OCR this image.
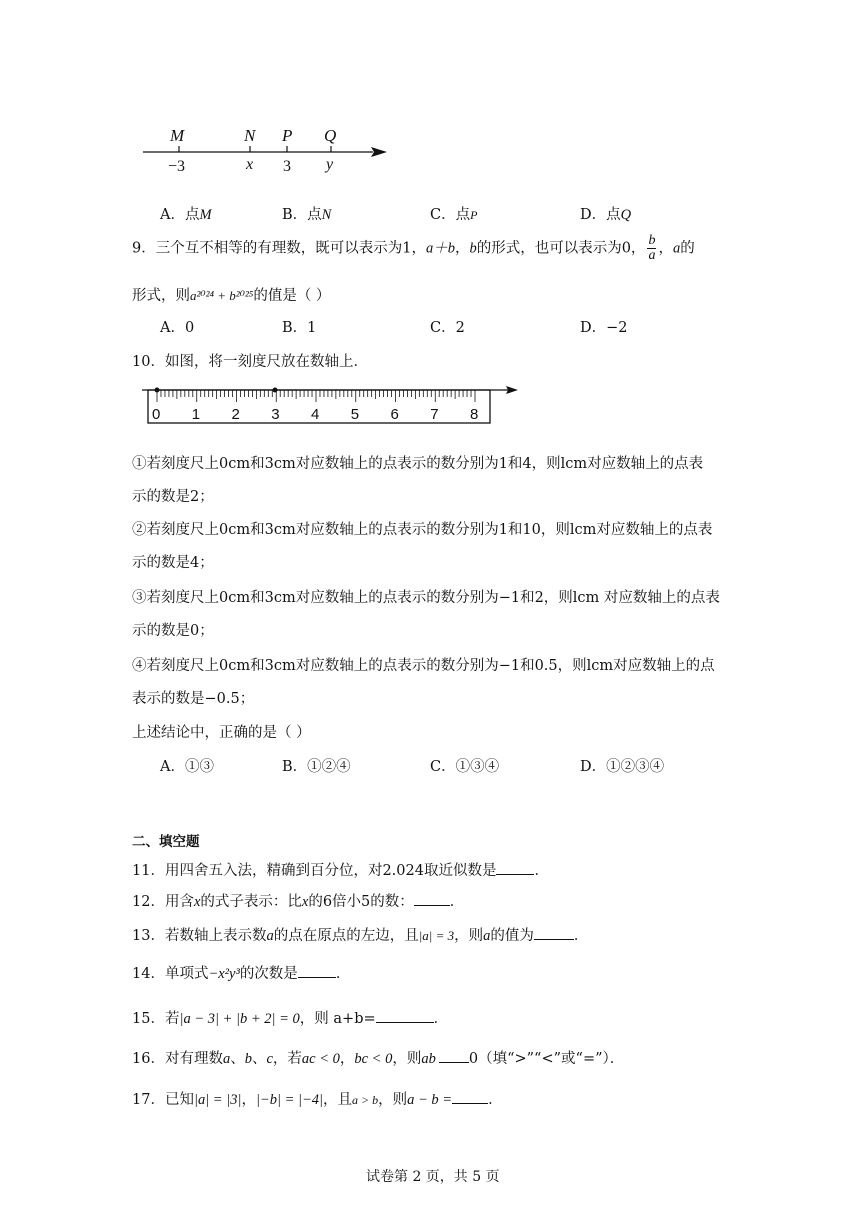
M	N P Q
−3	x 3 y
A．点M	B．点N	C．点P	D．点Q
9．三个互不相等的有理数，既可以表示为1，a＋b，b的形式，也可以表示为0， $\frac{b}{a}$ ，a的
形式，则a²⁰²⁴ + b²⁰²⁵的值是（ ）
A．0	B．1	C．2	D．−2
10．如图，将一刻度尺放在数轴上．
0 1 2 3 4 5 6 7 8
①若刻度尺上0cm和3cm对应数轴上的点表示的数分别为1和4，则lcm对应数轴上的点表
示的数是2；
②若刻度尺上0cm和3cm对应数轴上的点表示的数分别为1和10，则lcm对应数轴上的点表
示的数是4；
③若刻度尺上0cm和3cm对应数轴上的点表示的数分别为−1和2，则lcm 对应数轴上的点表
示的数是0；
④若刻度尺上0cm和3cm对应数轴上的点表示的数分别为−1和0.5，则lcm对应数轴上的点
表示的数是−0.5；
上述结论中，正确的是（ ）
A．①③	B．①②④	C．①③④	D．①②③④
二、填空题
11．用四舍五入法，精确到百分位，对2.024取近似数是	．
12．用含x的式子表示：比x的6倍小5的数： ．
13．若数轴上表示数a的点在原点的左边，且|a| = 3，则a的值为	．
14．单项式−x²y³的次数是	．
15．若|a − 3| + |b + 2| = 0，则 a+b=	．
16．对有理数a、b、c，若ac < 0，bc < 0，则ab 0（填“>”“<”或“=”）．
17．已知|a| = |3|，|−b| = |−4|，且a > b，则a − b = ．
试卷第 2 页，共 5 页
